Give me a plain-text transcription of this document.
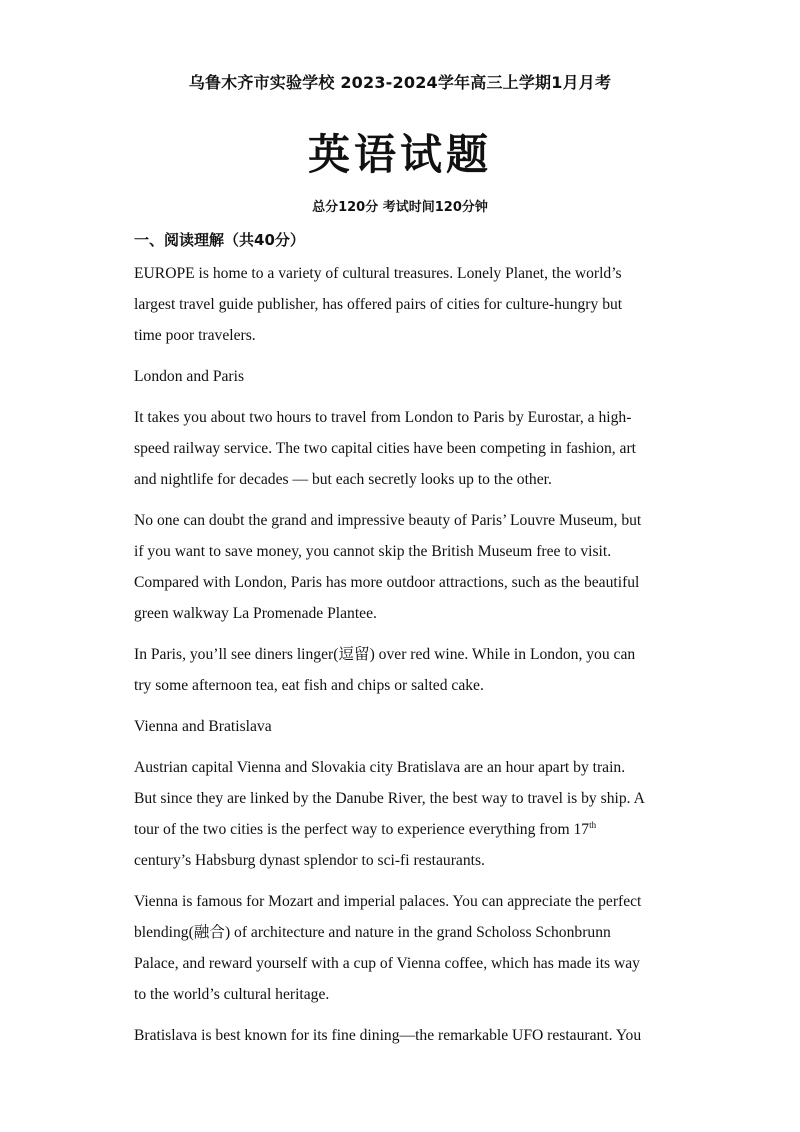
乌鲁木齐市实验学校 2023-2024学年高三上学期1月月考
英语试题
总分120分 考试时间120分钟
一、阅读理解（共40分）

EUROPE is home to a variety of cultural treasures. Lonely Planet, the world’s
largest travel guide publisher, has offered pairs of cities for culture-hungry but
time poor travelers.

London and Paris

It takes you about two hours to travel from London to Paris by Eurostar, a high-
speed railway service. The two capital cities have been competing in fashion, art
and nightlife for decades — but each secretly looks up to the other.

No one can doubt the grand and impressive beauty of Paris’ Louvre Museum, but
if you want to save money, you cannot skip the British Museum free to visit.
Compared with London, Paris has more outdoor attractions, such as the beautiful
green walkway La Promenade Plantee.

In Paris, you’ll see diners linger(逗留) over red wine. While in London, you can
try some afternoon tea, eat fish and chips or salted cake.

Vienna and Bratislava

Austrian capital Vienna and Slovakia city Bratislava are an hour apart by train.
But since they are linked by the Danube River, the best way to travel is by ship. A
tour of the two cities is the perfect way to experience everything from 17th
century’s Habsburg dynast splendor to sci-fi restaurants.

Vienna is famous for Mozart and imperial palaces. You can appreciate the perfect
blending(融合) of architecture and nature in the grand Scholoss Schonbrunn
Palace, and reward yourself with a cup of Vienna coffee, which has made its way
to the world’s cultural heritage.

Bratislava is best known for its fine dining—the remarkable UFO restaurant. You
